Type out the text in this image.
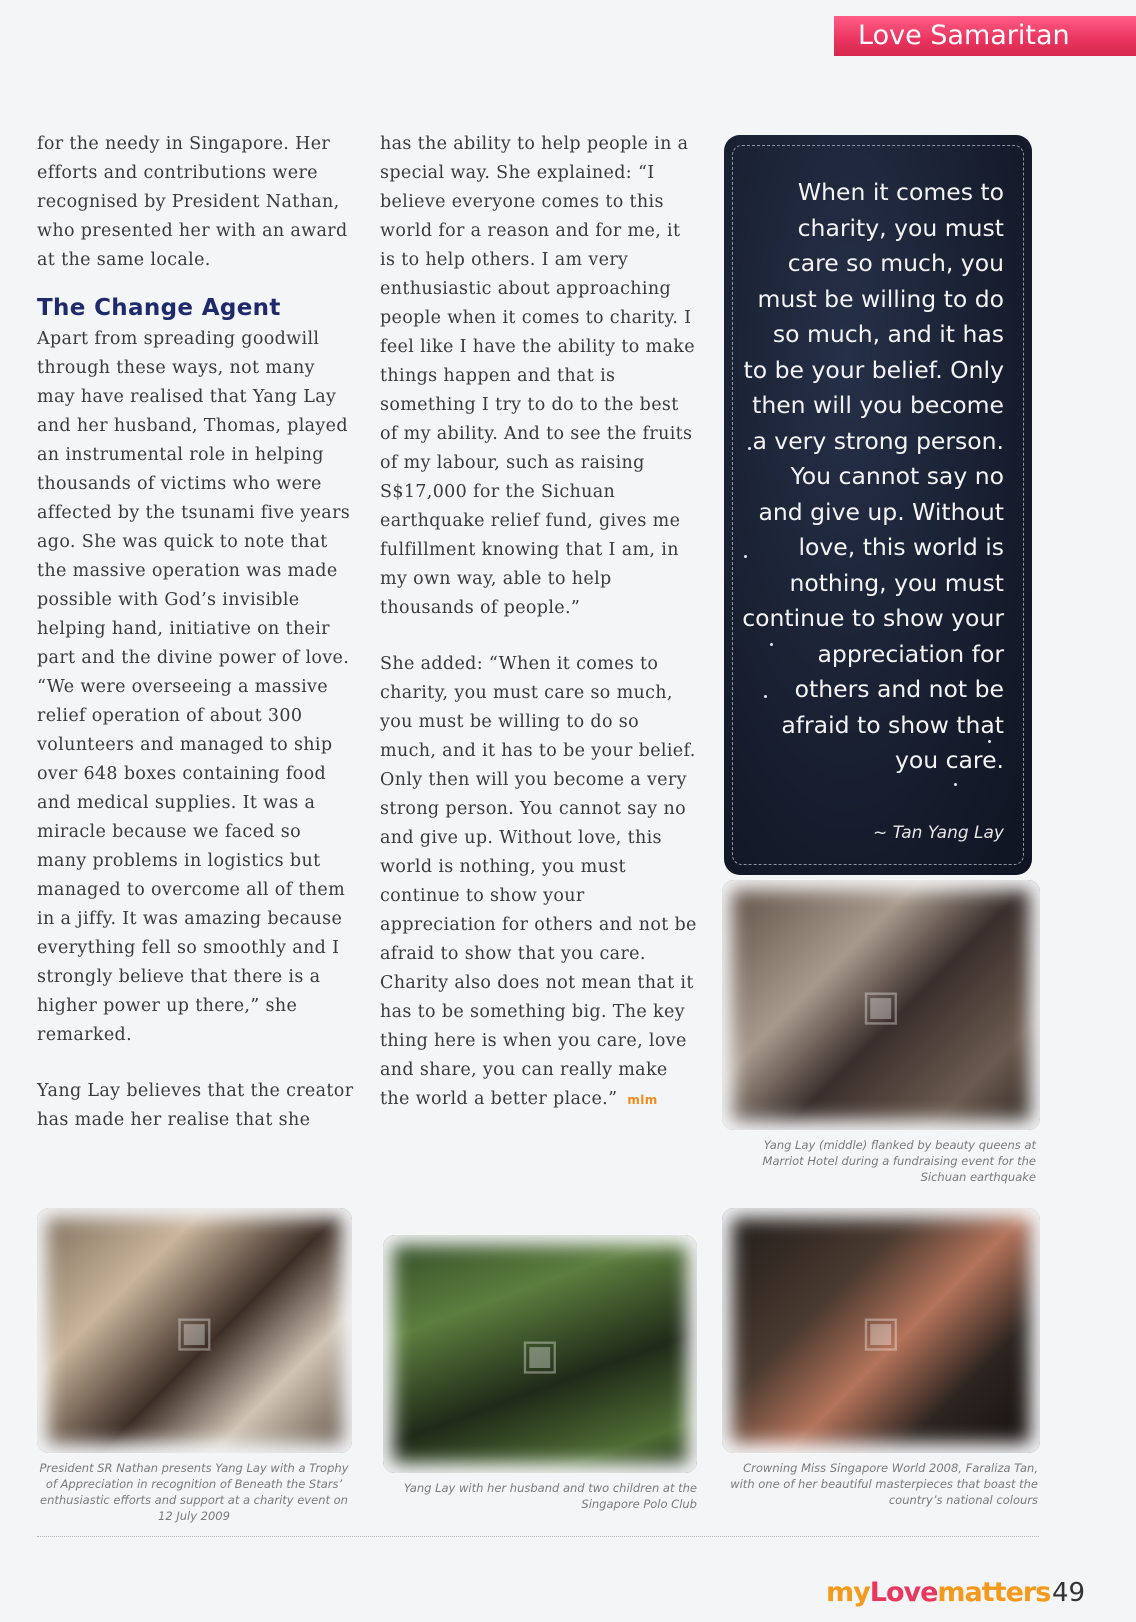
Love Samaritan

for the needy in Singapore. Her efforts and contributions were recognised by President Nathan, who presented her with an award at the same locale.

The Change Agent

Apart from spreading goodwill through these ways, not many may have realised that Yang Lay and her husband, Thomas, played an instrumental role in helping thousands of victims who were affected by the tsunami five years ago. She was quick to note that the massive operation was made possible with God’s invisible helping hand, initiative on their part and the divine power of love. “We were overseeing a massive relief operation of about 300 volunteers and managed to ship over 648 boxes containing food and medical supplies. It was a miracle because we faced so many problems in logistics but managed to overcome all of them in a jiffy. It was amazing because everything fell so smoothly and I strongly believe that there is a higher power up there,” she remarked.

Yang Lay believes that the creator has made her realise that she

has the ability to help people in a special way. She explained: “I believe everyone comes to this world for a reason and for me, it is to help others. I am very enthusiastic about approaching people when it comes to charity. I feel like I have the ability to make things happen and that is something I try to do to the best of my ability. And to see the fruits of my labour, such as raising S$17,000 for the Sichuan earthquake relief fund, gives me fulfillment knowing that I am, in my own way, able to help thousands of people.”

She added: “When it comes to charity, you must care so much, you must be willing to do so much, and it has to be your belief. Only then will you become a very strong person. You cannot say no and give up. Without love, this world is nothing, you must continue to show your appreciation for others and not be afraid to show that you care. Charity also does not mean that it has to be something big. The key thing here is when you care, love and share, you can really make the world a better place.” mlm

When it comes to charity, you must care so much, you must be willing to do so much, and it has to be your belief. Only then will you become a very strong person. You cannot say no and give up. Without love, this world is nothing, you must continue to show your appreciation for others and not be afraid to show that you care.
~ Tan Yang Lay
▣
Yang Lay (middle) flanked by beauty queens at Marriot Hotel during a fundraising event for the Sichuan earthquake
▣
President SR Nathan presents Yang Lay with a Trophy of Appreciation in recognition of Beneath the Stars’ enthusiastic efforts and support at a charity event on 12 July 2009
▣
Yang Lay with her husband and two children at the Singapore Polo Club
▣
Crowning Miss Singapore World 2008, Faraliza Tan, with one of her beautiful masterpieces that boast the country’s national colours
myLovematters 49
